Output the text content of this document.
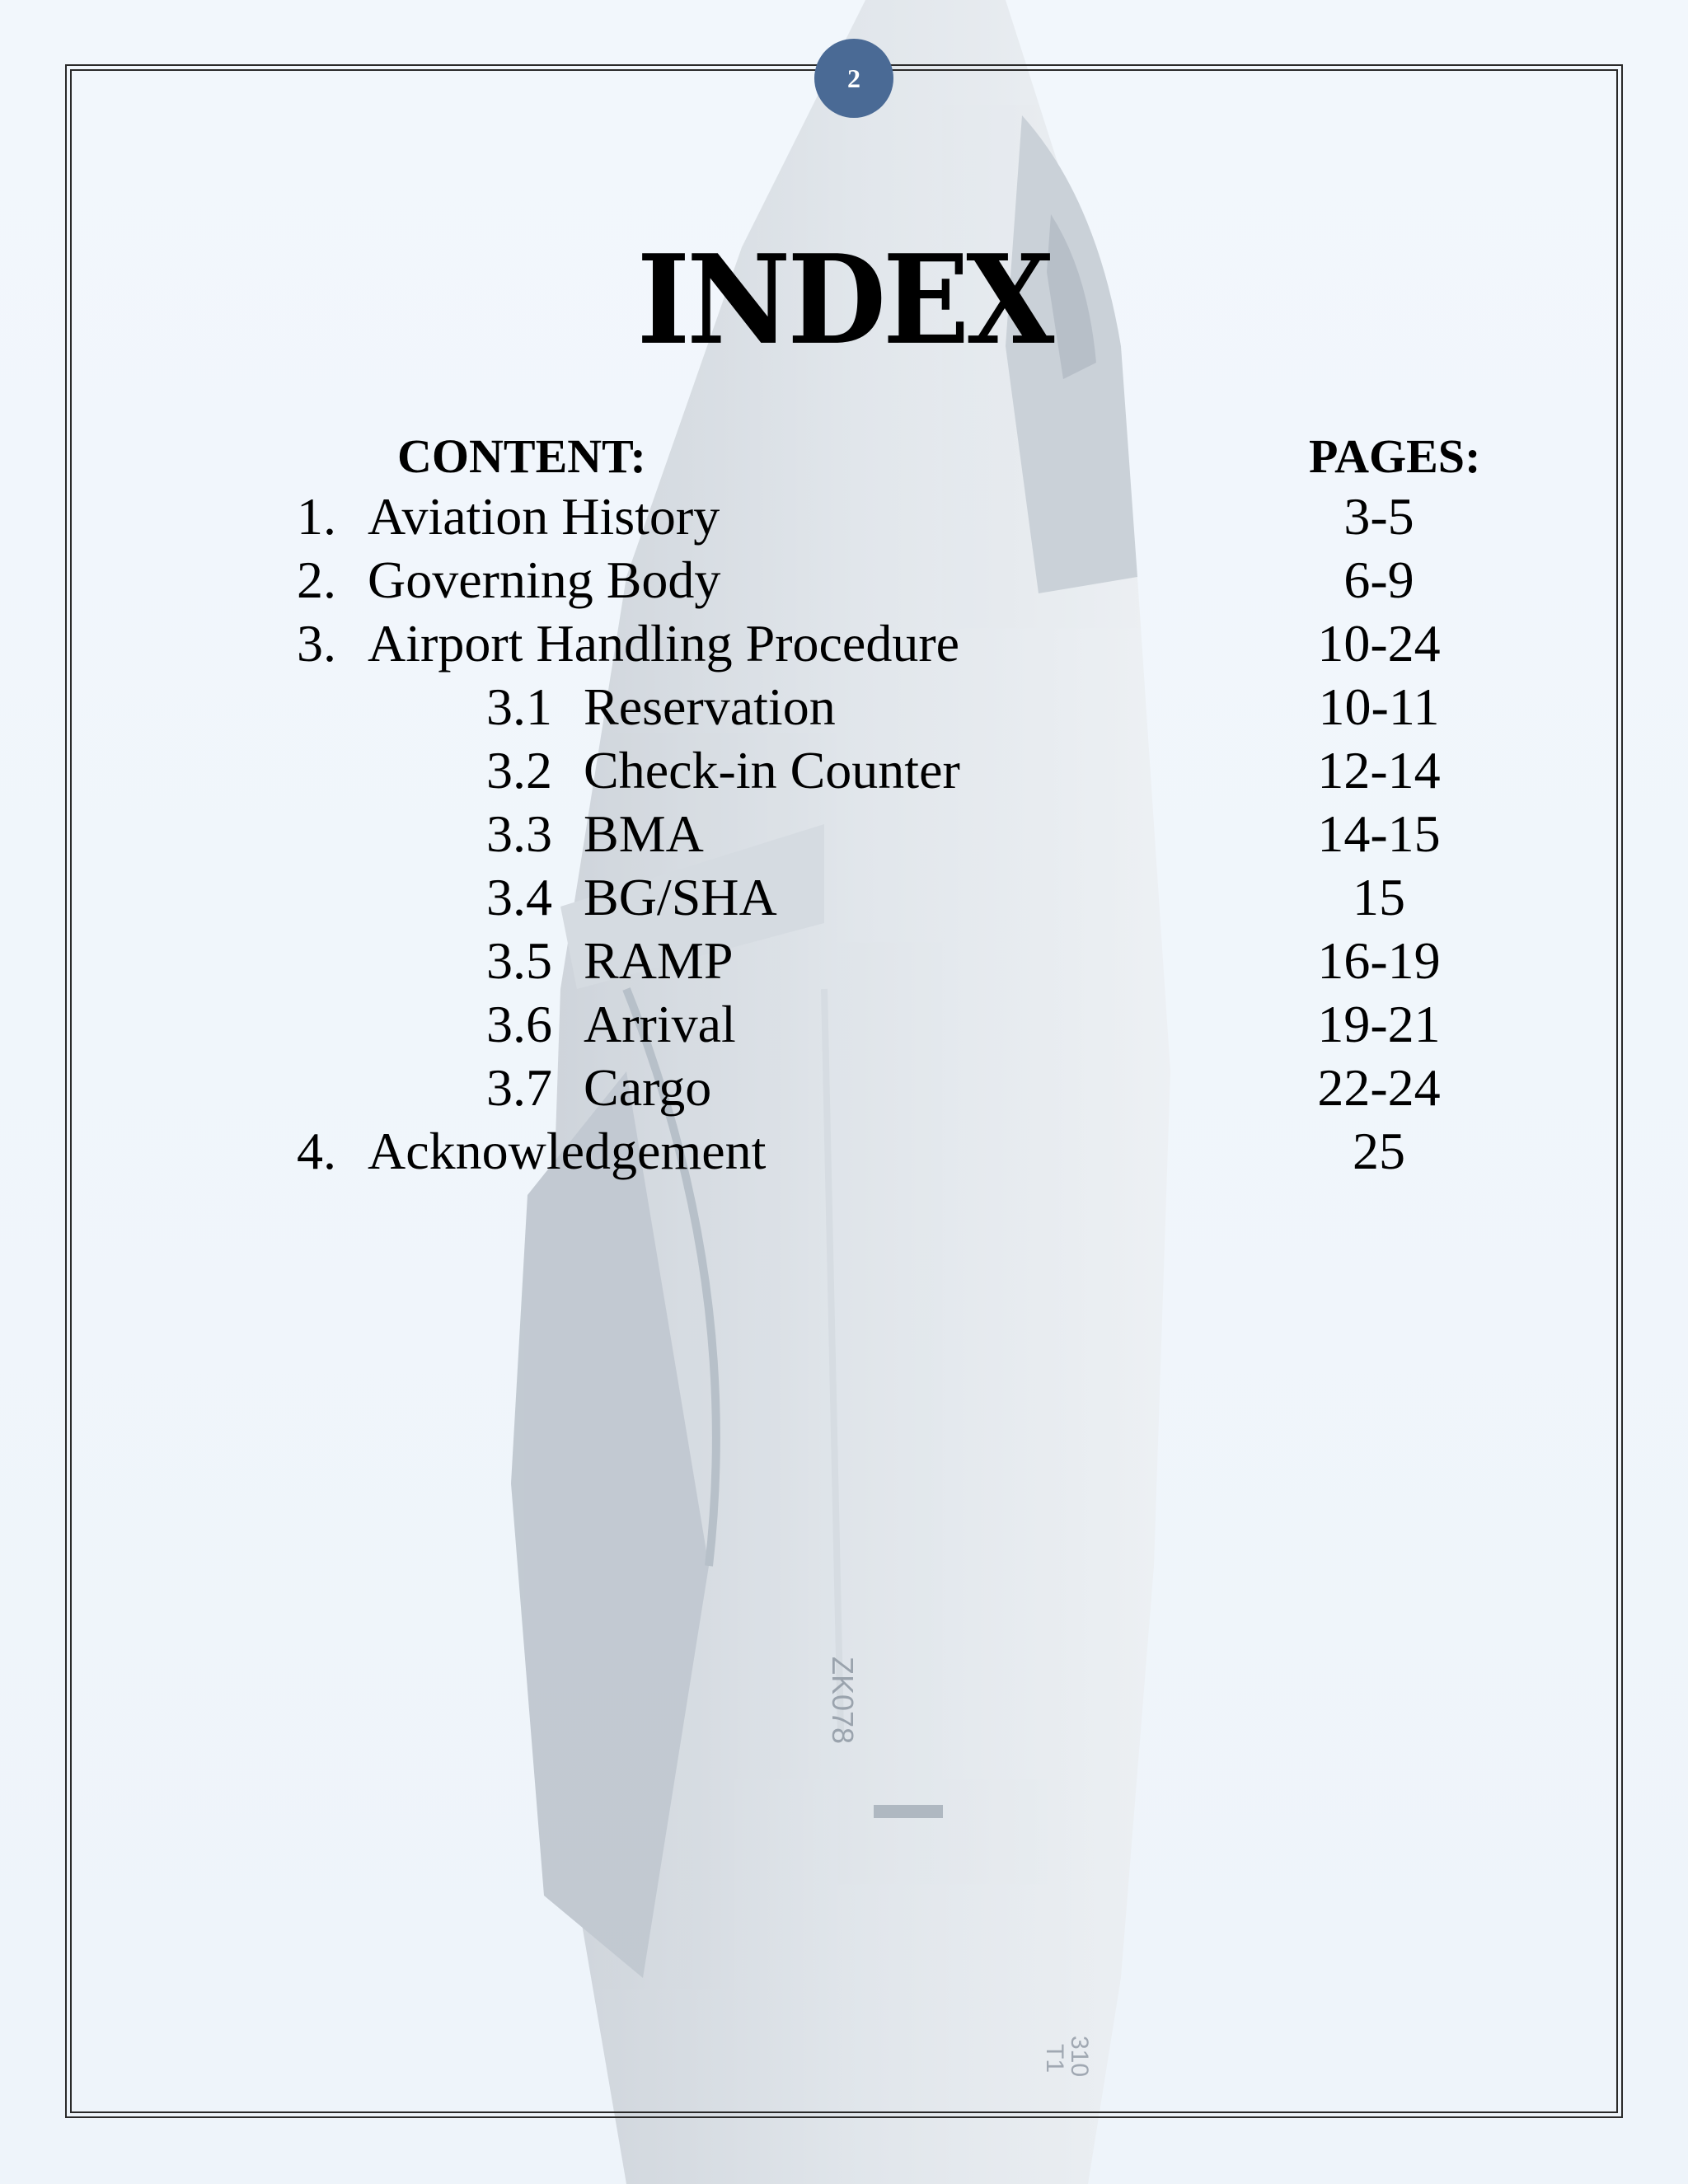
ZK078
T1
310
2
INDEX
CONTENT:	PAGES:
1. Aviation History	3-5
2. Governing Body	6-9
3. Airport Handling Procedure	10-24
3.1 Reservation	10-11
3.2 Check-in Counter	12-14
3.3 BMA	14-15
3.4 BG/SHA	15
3.5 RAMP	16-19
3.6 Arrival	19-21
3.7 Cargo	22-24
4. Acknowledgement	25
